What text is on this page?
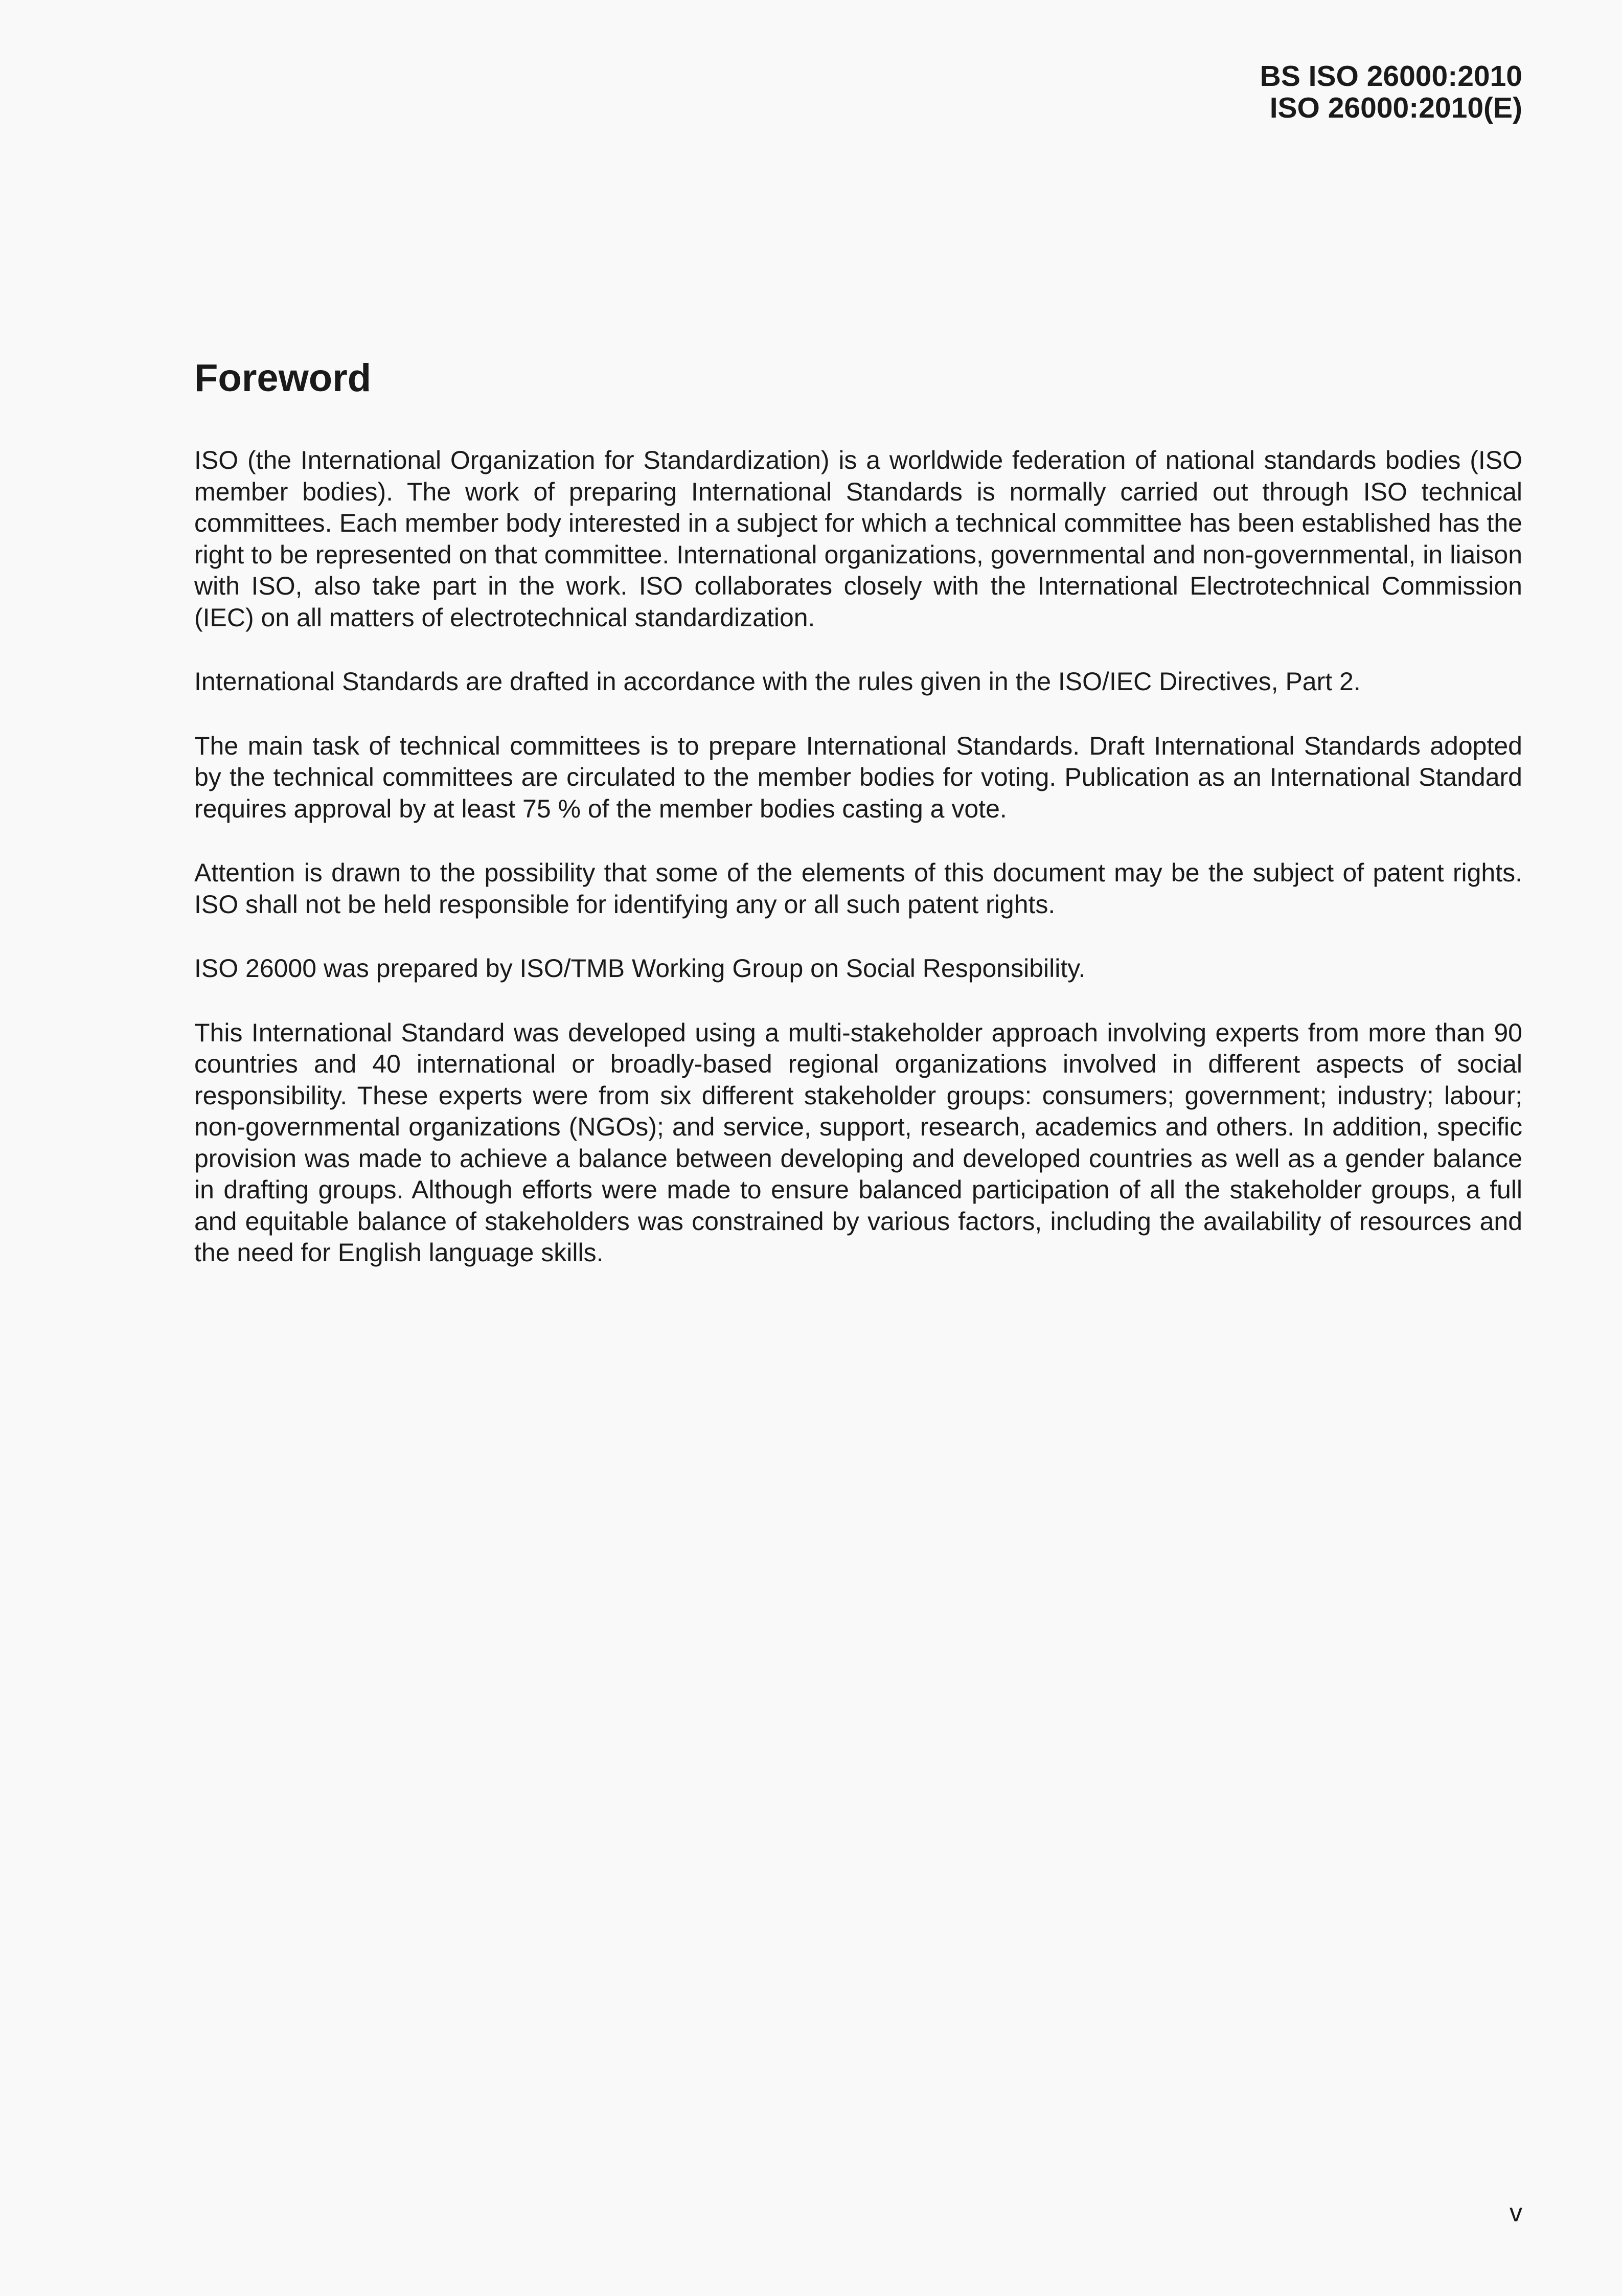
BS ISO 26000:2010
ISO 26000:2010(E)
Foreword

ISO (the International Organization for Standardization) is a worldwide federation of national standards bodies (ISO member bodies). The work of preparing International Standards is normally carried out through ISO technical committees. Each member body interested in a subject for which a technical committee has been established has the right to be represented on that committee. International organizations, governmental and non-governmental, in liaison with ISO, also take part in the work. ISO collaborates closely with the International Electrotechnical Commission (IEC) on all matters of electrotechnical standardization.

International Standards are drafted in accordance with the rules given in the ISO/IEC Directives, Part 2.

The main task of technical committees is to prepare International Standards. Draft International Standards adopted by the technical committees are circulated to the member bodies for voting. Publication as an International Standard requires approval by at least 75 % of the member bodies casting a vote.

Attention is drawn to the possibility that some of the elements of this document may be the subject of patent rights. ISO shall not be held responsible for identifying any or all such patent rights.

ISO 26000 was prepared by ISO/TMB Working Group on Social Responsibility.

This International Standard was developed using a multi-stakeholder approach involving experts from more than 90 countries and 40 international or broadly-based regional organizations involved in different aspects of social responsibility. These experts were from six different stakeholder groups: consumers; government; industry; labour; non-governmental organizations (NGOs); and service, support, research, academics and others. In addition, specific provision was made to achieve a balance between developing and developed countries as well as a gender balance in drafting groups. Although efforts were made to ensure balanced participation of all the stakeholder groups, a full and equitable balance of stakeholders was constrained by various factors, including the availability of resources and the need for English language skills.

v
